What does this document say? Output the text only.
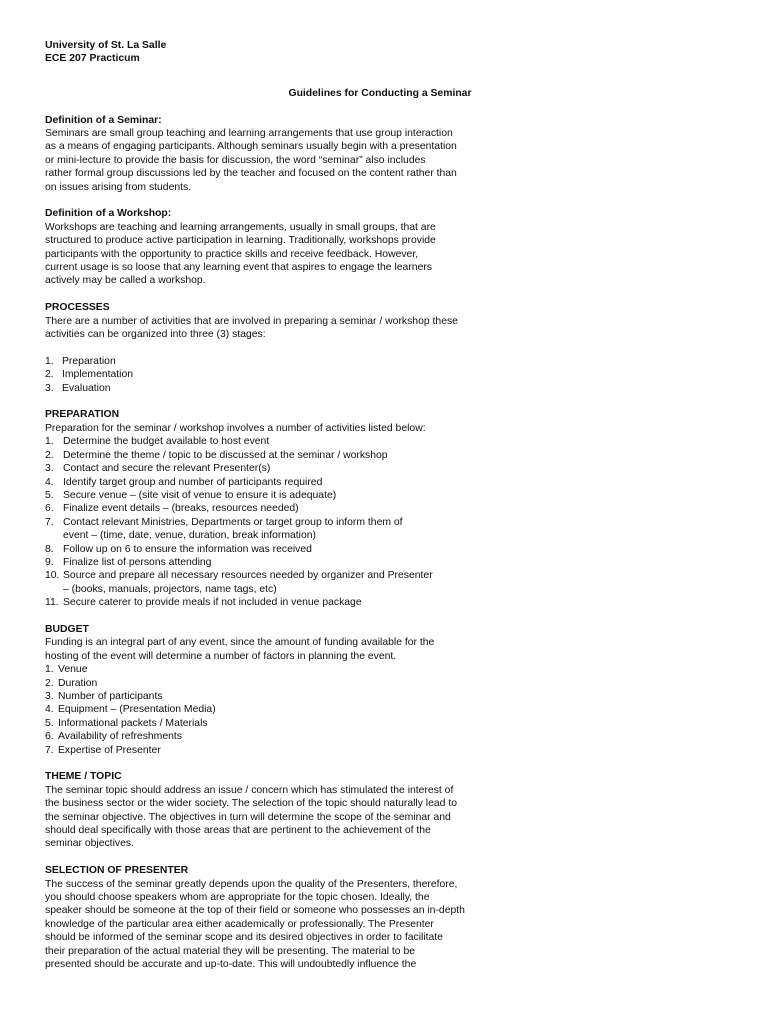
University of St. La Salle

ECE 207 Practicum

Guidelines for Conducting a Seminar

Definition of a Seminar:

Seminars are small group teaching and learning arrangements that use group interaction

as a means of engaging participants. Although seminars usually begin with a presentation

or mini-lecture to provide the basis for discussion, the word “seminar” also includes

rather formal group discussions led by the teacher and focused on the content rather than

on issues arising from students.

Definition of a Workshop:

Workshops are teaching and learning arrangements, usually in small groups, that are

structured to produce active participation in learning. Traditionally, workshops provide

participants with the opportunity to practice skills and receive feedback. However,

current usage is so loose that any learning event that aspires to engage the learners

actively may be called a workshop.

PROCESSES

There are a number of activities that are involved in preparing a seminar / workshop these

activities can be organized into three (3) stages:

1. Preparation
2. Implementation
3. Evaluation

PREPARATION

Preparation for the seminar / workshop involves a number of activities listed below:

1. Determine the budget available to host event
2. Determine the theme / topic to be discussed at the seminar / workshop
3. Contact and secure the relevant Presenter(s)
4. Identify target group and number of participants required
5. Secure venue – (site visit of venue to ensure it is adequate)
6. Finalize event details – (breaks, resources needed)
7. Contact relevant Ministries, Departments or target group to inform them of
event – (time, date, venue, duration, break information)
8. Follow up on 6 to ensure the information was received
9. Finalize list of persons attending
10. Source and prepare all necessary resources needed by organizer and Presenter
– (books, manuals, projectors, name tags, etc)
11. Secure caterer to provide meals if not included in venue package

BUDGET

Funding is an integral part of any event, since the amount of funding available for the

hosting of the event will determine a number of factors in planning the event.

1. Venue
2. Duration
3. Number of participants
4. Equipment – (Presentation Media)
5. Informational packets / Materials
6. Availability of refreshments
7. Expertise of Presenter

THEME / TOPIC

The seminar topic should address an issue / concern which has stimulated the interest of

the business sector or the wider society. The selection of the topic should naturally lead to

the seminar objective. The objectives in turn will determine the scope of the seminar and

should deal specifically with those areas that are pertinent to the achievement of the

seminar objectives.

SELECTION OF PRESENTER

The success of the seminar greatly depends upon the quality of the Presenters, therefore,

you should choose speakers whom are appropriate for the topic chosen. Ideally, the

speaker should be someone at the top of their field or someone who possesses an in-depth

knowledge of the particular area either academically or professionally. The Presenter

should be informed of the seminar scope and its desired objectives in order to facilitate

their preparation of the actual material they will be presenting. The material to be

presented should be accurate and up-to-date. This will undoubtedly influence the
